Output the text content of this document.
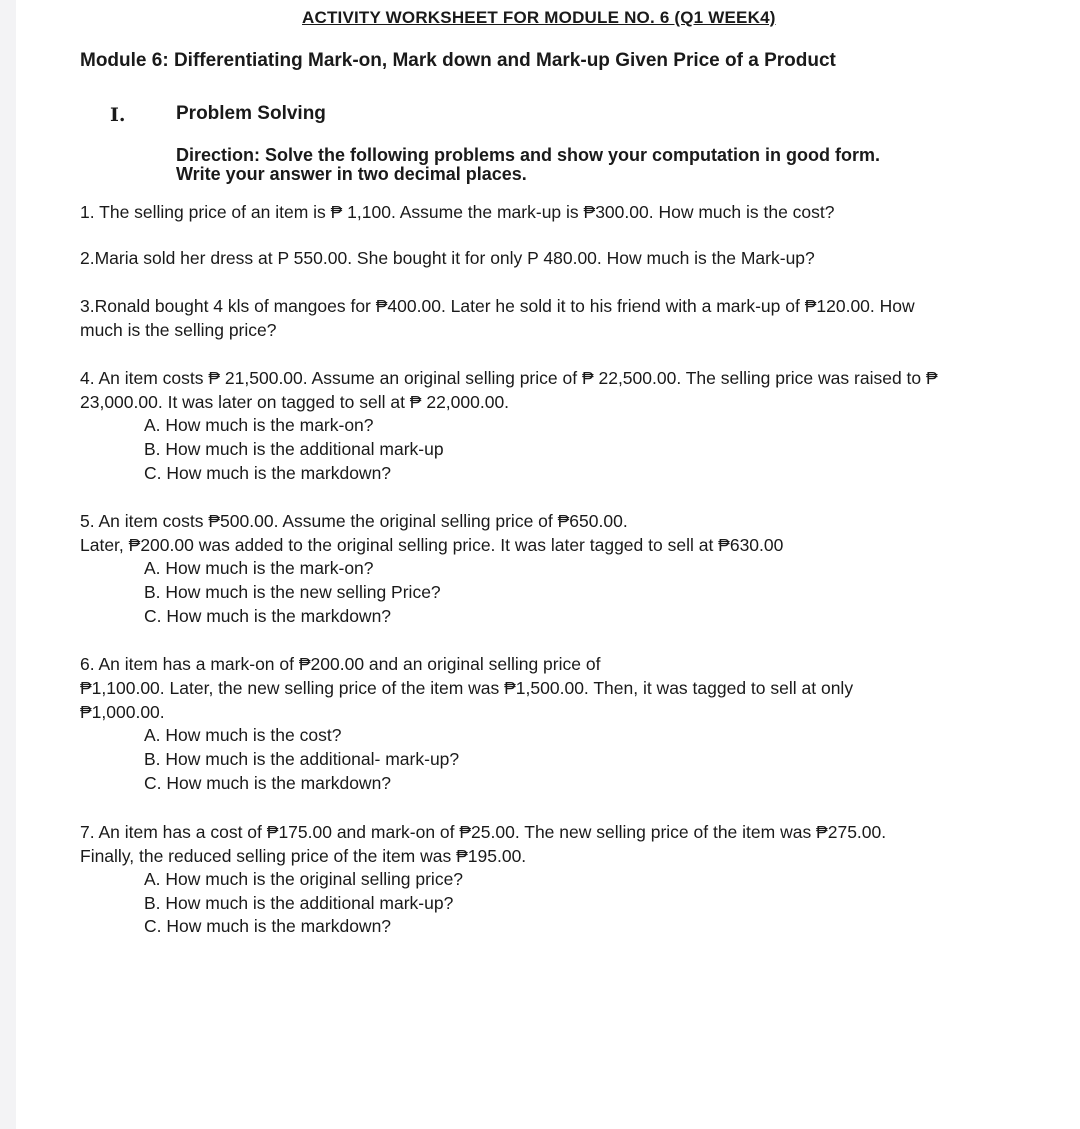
ACTIVITY WORKSHEET FOR MODULE NO. 6 (Q1 WEEK4)
Module 6: Differentiating Mark-on, Mark down and Mark-up Given Price of a Product
I.	Problem Solving
Direction: Solve the following problems and show your computation in good form.
Write your answer in two decimal places.
1. The selling price of an item is ₱ 1,100. Assume the mark-up is ₱300.00. How much is the cost?
2.Maria sold her dress at P 550.00. She bought it for only P 480.00. How much is the Mark-up?
3.Ronald bought 4 kls of mangoes for ₱400.00. Later he sold it to his friend with a mark-up of ₱120.00. How
much is the selling price?
4. An item costs ₱ 21,500.00. Assume an original selling price of ₱ 22,500.00. The selling price was raised to ₱
23,000.00. It was later on tagged to sell at ₱ 22,000.00.
A. How much is the mark-on?
B. How much is the additional mark-up
C. How much is the markdown?
5. An item costs ₱500.00. Assume the original selling price of ₱650.00.
Later, ₱200.00 was added to the original selling price. It was later tagged to sell at ₱630.00
A. How much is the mark-on?
B. How much is the new selling Price?
C. How much is the markdown?
6. An item has a mark-on of ₱200.00 and an original selling price of
₱1,100.00. Later, the new selling price of the item was ₱1,500.00. Then, it was tagged to sell at only
₱1,000.00.
A. How much is the cost?
B. How much is the additional- mark-up?
C. How much is the markdown?
7. An item has a cost of ₱175.00 and mark-on of ₱25.00. The new selling price of the item was ₱275.00.
Finally, the reduced selling price of the item was ₱195.00.
A. How much is the original selling price?
B. How much is the additional mark-up?
C. How much is the markdown?
